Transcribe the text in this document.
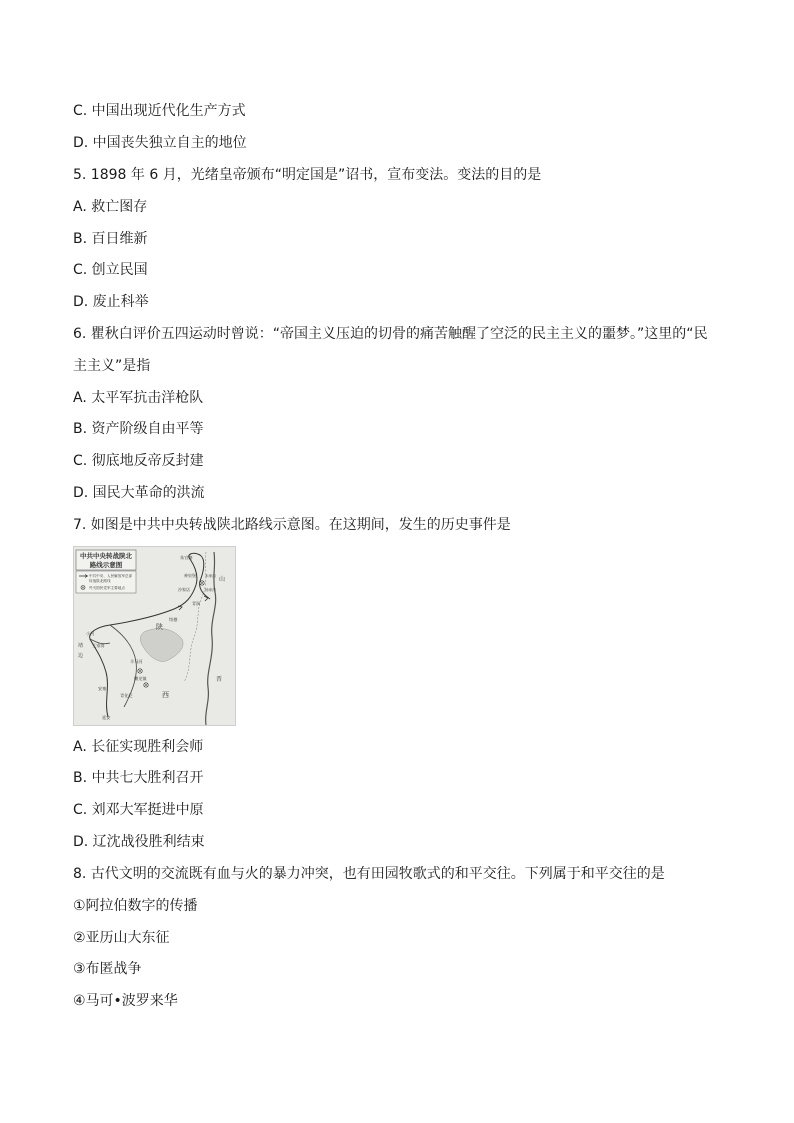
C. 中国出现近代化生产方式
D. 中国丧失独立自主的地位
5. 1898 年 6 月，光绪皇帝颁布“明定国是”诏书，宣布变法。变法的目的是
A. 救亡图存
B. 百日维新
C. 创立民国
D. 废止科举
6. 瞿秋白评价五四运动时曾说：“帝国主义压迫的切骨的痛苦触醒了空泛的民主主义的噩梦。”这里的“民
主主义”是指
A. 太平军抗击洋枪队
B. 资产阶级自由平等
C. 彻底地反帝反封建
D. 国民大革命的洪流
7. 如图是中共中央转战陕北路线示意图。在这期间，发生的历史事件是
中共中央转战陕北
路线示意图
中共中央、人民解放军总部
转战陕北路线
歼灭国民党军主要地点
朱官寨
神泉堡
沙家店
米家沟
杨家沟
青涧
绥德
陕
羊马河
蟠龙镇
西
青化砭
安塞
延安
王家湾
小河
靖
边
山
晋
A. 长征实现胜利会师
B. 中共七大胜利召开
C. 刘邓大军挺进中原
D. 辽沈战役胜利结束
8. 古代文明的交流既有血与火的暴力冲突，也有田园牧歌式的和平交往。下列属于和平交往的是
①阿拉伯数字的传播
②亚历山大东征
③布匿战争
④马可•波罗来华
